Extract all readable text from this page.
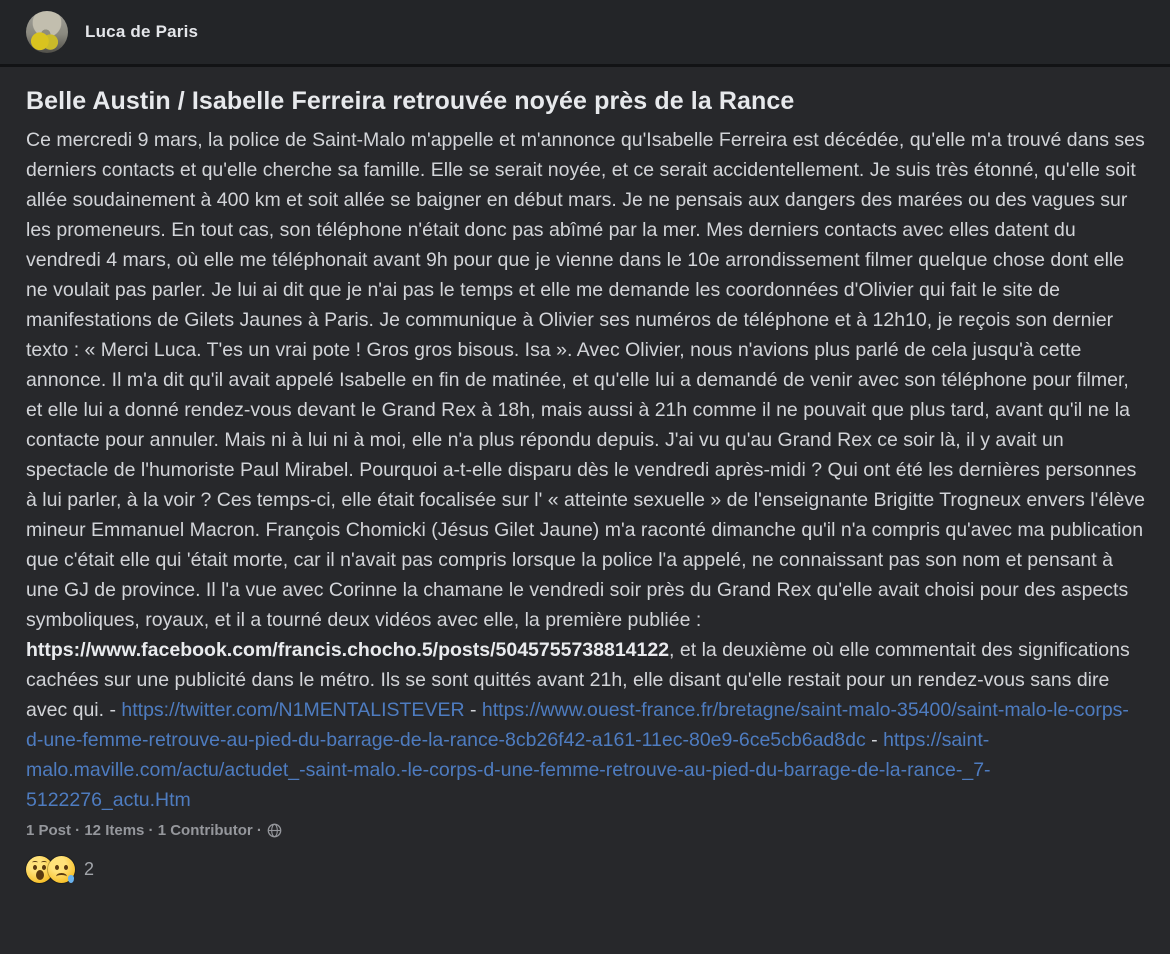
Luca de Paris
Belle Austin / Isabelle Ferreira retrouvée noyée près de la Rance
Ce mercredi 9 mars, la police de Saint-Malo m'appelle et m'annonce qu'Isabelle Ferreira est décédée, qu'elle m'a trouvé dans ses derniers contacts et qu'elle cherche sa famille. Elle se serait noyée, et ce serait accidentellement. Je suis très étonné, qu'elle soit allée soudainement à 400 km et soit allée se baigner en début mars. Je ne pensais aux dangers des marées ou des vagues sur les promeneurs. En tout cas, son téléphone n'était donc pas abîmé par la mer. Mes derniers contacts avec elles datent du vendredi 4 mars, où elle me téléphonait avant 9h pour que je vienne dans le 10e arrondissement filmer quelque chose dont elle ne voulait pas parler. Je lui ai dit que je n'ai pas le temps et elle me demande les coordonnées d'Olivier qui fait le site de manifestations de Gilets Jaunes à Paris. Je communique à Olivier ses numéros de téléphone et à 12h10, je reçois son dernier texto : « Merci Luca. T'es un vrai pote ! Gros gros bisous. Isa ». Avec Olivier, nous n'avions plus parlé de cela jusqu'à cette annonce. Il m'a dit qu'il avait appelé Isabelle en fin de matinée, et qu'elle lui a demandé de venir avec son téléphone pour filmer, et elle lui a donné rendez-vous devant le Grand Rex à 18h, mais aussi à 21h comme il ne pouvait que plus tard, avant qu'il ne la contacte pour annuler. Mais ni à lui ni à moi, elle n'a plus répondu depuis. J'ai vu qu'au Grand Rex ce soir là, il y avait un spectacle de l'humoriste Paul Mirabel. Pourquoi a-t-elle disparu dès le vendredi après-midi ? Qui ont été les dernières personnes à lui parler, à la voir ? Ces temps-ci, elle était focalisée sur l' « atteinte sexuelle » de l'enseignante Brigitte Trogneux envers l'élève mineur Emmanuel Macron. François Chomicki (Jésus Gilet Jaune) m'a raconté dimanche qu'il n'a compris qu'avec ma publication que c'était elle qui 'était morte, car il n'avait pas compris lorsque la police l'a appelé, ne connaissant pas son nom et pensant à une GJ de province. Il l'a vue avec Corinne la chamane le vendredi soir près du Grand Rex qu'elle avait choisi pour des aspects symboliques, royaux, et il a tourné deux vidéos avec elle, la première publiée : https://www.facebook.com/francis.chocho.5/posts/5045755738814122, et la deuxième où elle commentait des significations cachées sur une publicité dans le métro. Ils se sont quittés avant 21h, elle disant qu'elle restait pour un rendez-vous sans dire avec qui. - https://twitter.com/N1MENTALISTEVER - https://www.ouest-france.fr/bretagne/saint-malo-35400/saint-malo-le-corps-d-une-femme-retrouve-au-pied-du-barrage-de-la-rance-8cb26f42-a161-11ec-80e9-6ce5cb6ad8dc - https://saint-malo.maville.com/actu/actudet_-saint-malo.-le-corps-d-une-femme-retrouve-au-pied-du-barrage-de-la-rance-_7-5122276_actu.Htm
1 Post · 12 Items · 1 Contributor ·
2
